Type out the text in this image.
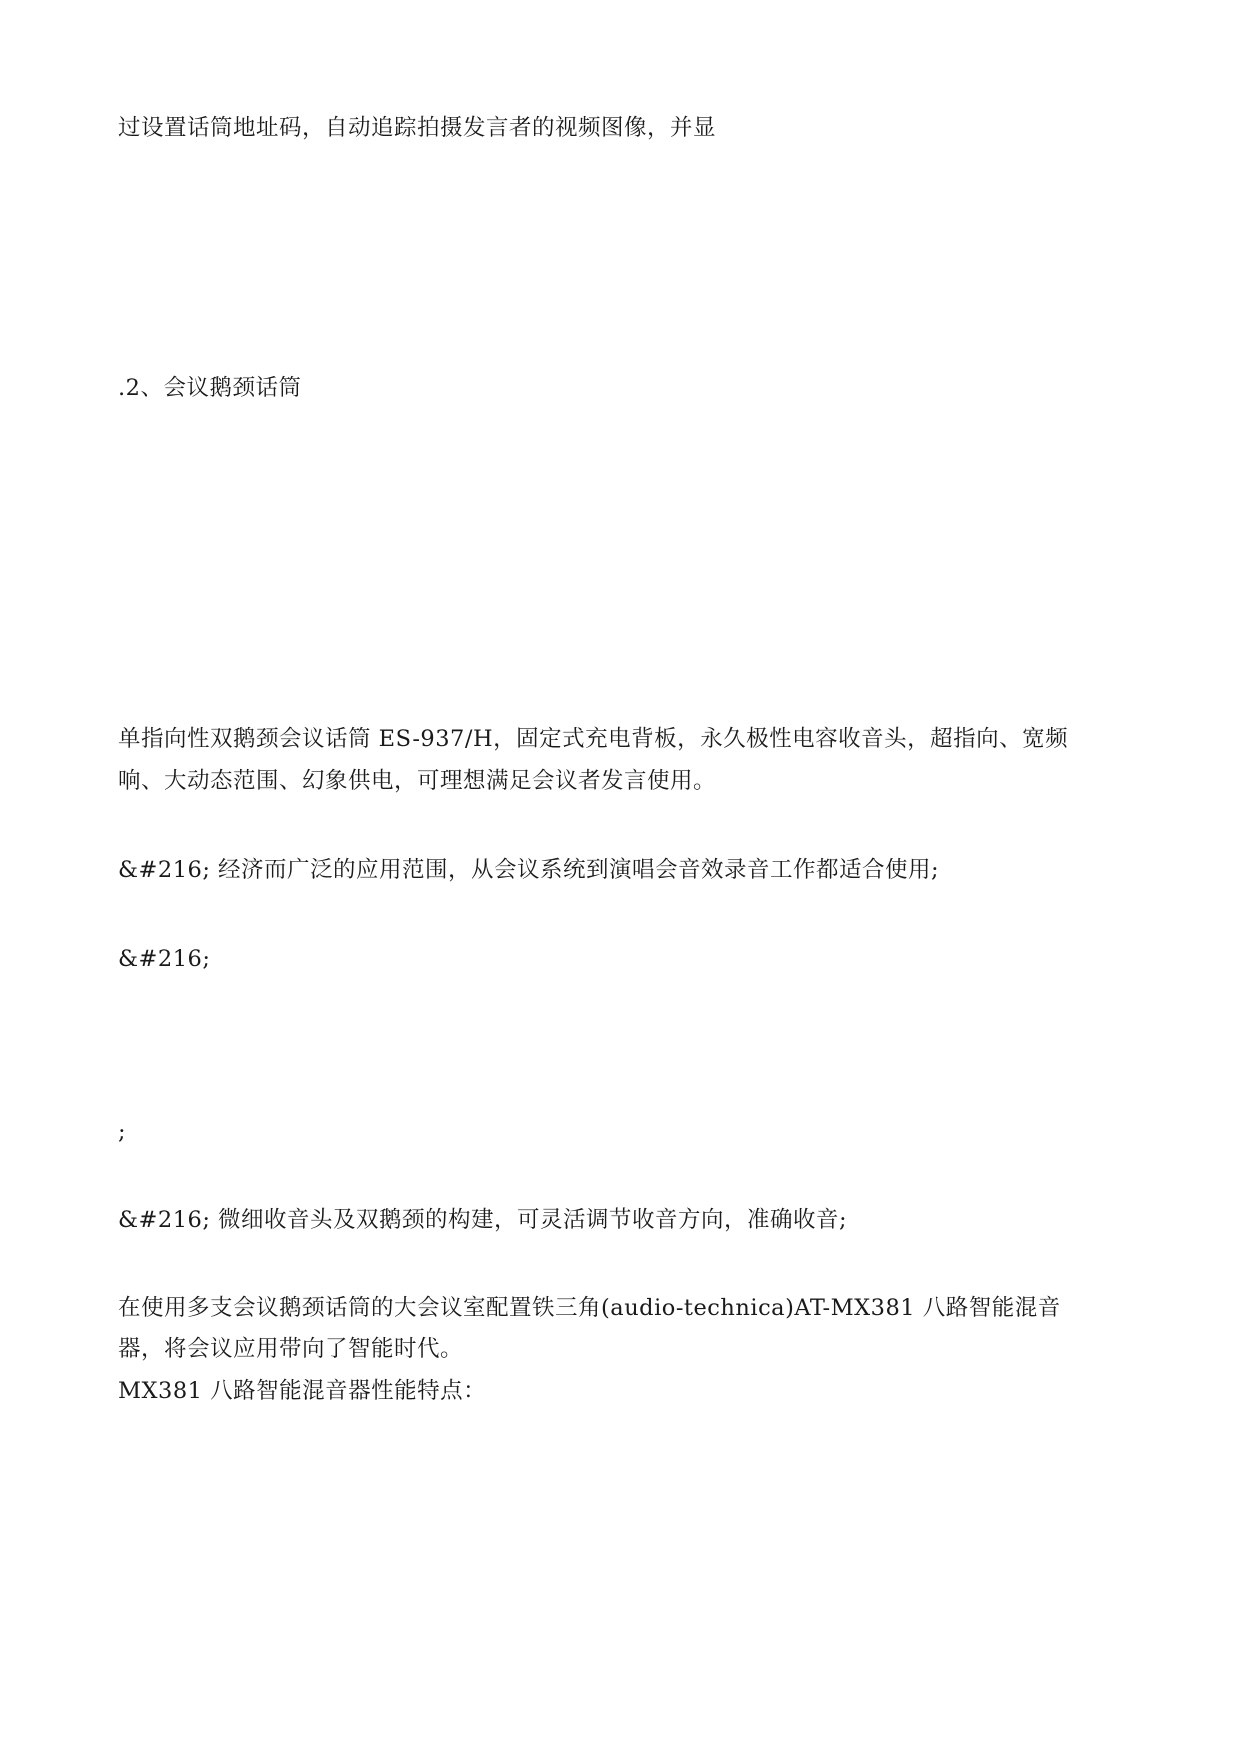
过设置话筒地址码，自动追踪拍摄发言者的视频图像，并显
.2、会议鹅颈话筒
单指向性双鹅颈会议话筒 ES-937/H，固定式充电背板，永久极性电容收音头，超指向、宽频
响、大动态范围、幻象供电，可理想满足会议者发言使用。
&#216; 经济而广泛的应用范围，从会议系统到演唱会音效录音工作都适合使用;
&#216;
;
&#216; 微细收音头及双鹅颈的构建，可灵活调节收音方向，准确收音;
在使用多支会议鹅颈话筒的大会议室配置铁三角(audio-technica)AT-MX381 八路智能混音
器，将会议应用带向了智能时代。
MX381 八路智能混音器性能特点：
